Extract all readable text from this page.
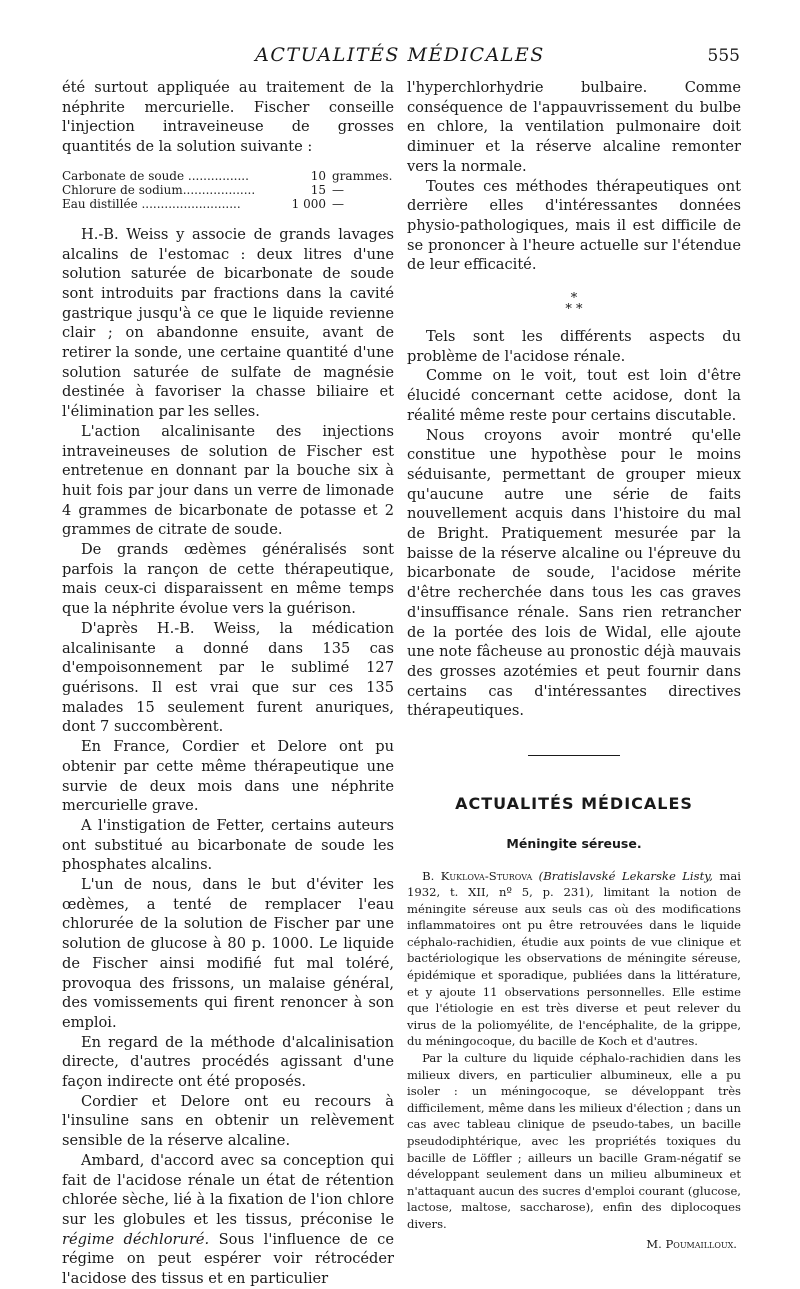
ACTUALITÉS MÉDICALES	555

été surtout appliquée au traitement de la néphrite mercurielle. Fischer conseille l'injection intraveineuse de grosses quantités de la solution suivante :

Carbonate de soude ................	10	grammes.
Chlorure de sodium...................	15	—
Eau distillée ..........................	1 000	—

H.-B. Weiss y associe de grands lavages alcalins de l'estomac : deux litres d'une solution saturée de bicarbonate de soude sont introduits par fractions dans la cavité gastrique jusqu'à ce que le liquide revienne clair ; on abandonne ensuite, avant de retirer la sonde, une certaine quantité d'une solution saturée de sulfate de magnésie destinée à favoriser la chasse biliaire et l'élimination par les selles.

L'action alcalinisante des injections intraveineuses de solution de Fischer est entretenue en donnant par la bouche six à huit fois par jour dans un verre de limonade 4 grammes de bicarbonate de potasse et 2 grammes de citrate de soude.

De grands œdèmes généralisés sont parfois la rançon de cette thérapeutique, mais ceux-ci disparaissent en même temps que la néphrite évolue vers la guérison.

D'après H.-B. Weiss, la médication alcalinisante a donné dans 135 cas d'empoisonnement par le sublimé 127 guérisons. Il est vrai que sur ces 135 malades 15 seulement furent anuriques, dont 7 succombèrent.

En France, Cordier et Delore ont pu obtenir par cette même thérapeutique une survie de deux mois dans une néphrite mercurielle grave.

A l'instigation de Fetter, certains auteurs ont substitué au bicarbonate de soude les phosphates alcalins.

L'un de nous, dans le but d'éviter les œdèmes, a tenté de remplacer l'eau chlorurée de la solution de Fischer par une solution de glucose à 80 p. 1000. Le liquide de Fischer ainsi modifié fut mal toléré, provoqua des frissons, un malaise général, des vomissements qui firent renoncer à son emploi.

En regard de la méthode d'alcalinisation directe, d'autres procédés agissant d'une façon indirecte ont été proposés.

Cordier et Delore ont eu recours à l'insuline sans en obtenir un relèvement sensible de la réserve alcaline.

Ambard, d'accord avec sa conception qui fait de l'acidose rénale un état de rétention chlorée sèche, lié à la fixation de l'ion chlore sur les globules et les tissus, préconise le régime déchloruré. Sous l'influence de ce régime on peut espérer voir rétrocéder l'acidose des tissus et en particulier

l'hyperchlorhydrie bulbaire. Comme conséquence de l'appauvrissement du bulbe en chlore, la ventilation pulmonaire doit diminuer et la réserve alcaline remonter vers la normale.

Toutes ces méthodes thérapeutiques ont derrière elles d'intéressantes données physio-pathologiques, mais il est difficile de se prononcer à l'heure actuelle sur l'étendue de leur efficacité.

*
* *

Tels sont les différents aspects du problème de l'acidose rénale.

Comme on le voit, tout est loin d'être élucidé concernant cette acidose, dont la réalité même reste pour certains discutable.

Nous croyons avoir montré qu'elle constitue une hypothèse pour le moins séduisante, permettant de grouper mieux qu'aucune autre une série de faits nouvellement acquis dans l'histoire du mal de Bright. Pratiquement mesurée par la baisse de la réserve alcaline ou l'épreuve du bicarbonate de soude, l'acidose mérite d'être recherchée dans tous les cas graves d'insuffisance rénale. Sans rien retrancher de la portée des lois de Widal, elle ajoute une note fâcheuse au pronostic déjà mauvais des grosses azotémies et peut fournir dans certains cas d'intéressantes directives thérapeutiques.

ACTUALITÉS MÉDICALES
Méningite séreuse.

B. Kuklova-Sturova (Bratislavské Lekarske Listy, mai 1932, t. XII, nº 5, p. 231), limitant la notion de méningite séreuse aux seuls cas où des modifications inflammatoires ont pu être retrouvées dans le liquide céphalo-rachidien, étudie aux points de vue clinique et bactériologique les observations de méningite séreuse, épidémique et sporadique, publiées dans la littérature, et y ajoute 11 observations personnelles. Elle estime que l'étiologie en est très diverse et peut relever du virus de la poliomyélite, de l'encéphalite, de la grippe, du méningocoque, du bacille de Koch et d'autres.

Par la culture du liquide céphalo-rachidien dans les milieux divers, en particulier albumineux, elle a pu isoler : un méningocoque, se développant très difficilement, même dans les milieux d'élection ; dans un cas avec tableau clinique de pseudo-tabes, un bacille pseudodiphtérique, avec les propriétés toxiques du bacille de Löffler ; ailleurs un bacille Gram-négatif se développant seulement dans un milieu albumineux et n'attaquant aucun des sucres d'emploi courant (glucose, lactose, maltose, saccharose), enfin des diplocoques divers.

M. Poumailloux.
